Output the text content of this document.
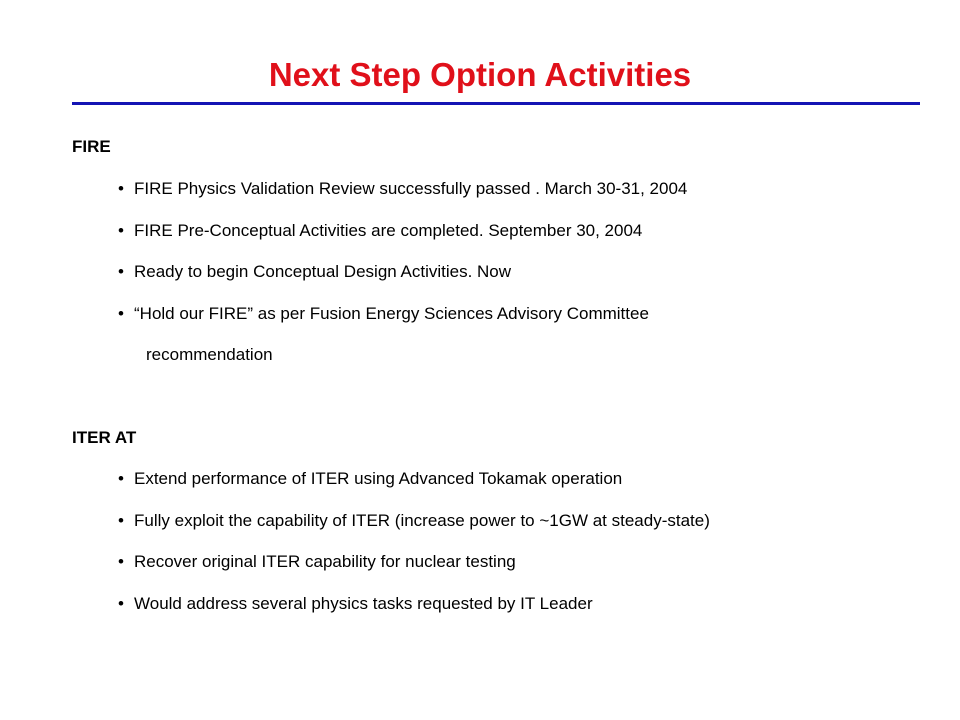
Next Step Option Activities
FIRE
• FIRE Physics Validation Review successfully passed . March 30-31, 2004
• FIRE Pre-Conceptual Activities are completed. September 30, 2004
• Ready to begin Conceptual Design Activities. Now
• “Hold our FIRE” as per Fusion Energy Sciences Advisory Committee
recommendation
ITER AT
• Extend performance of ITER using Advanced Tokamak operation
• Fully exploit the capability of ITER (increase power to ~1GW at steady-state)
• Recover original ITER capability for nuclear testing
• Would address several physics tasks requested by IT Leader
